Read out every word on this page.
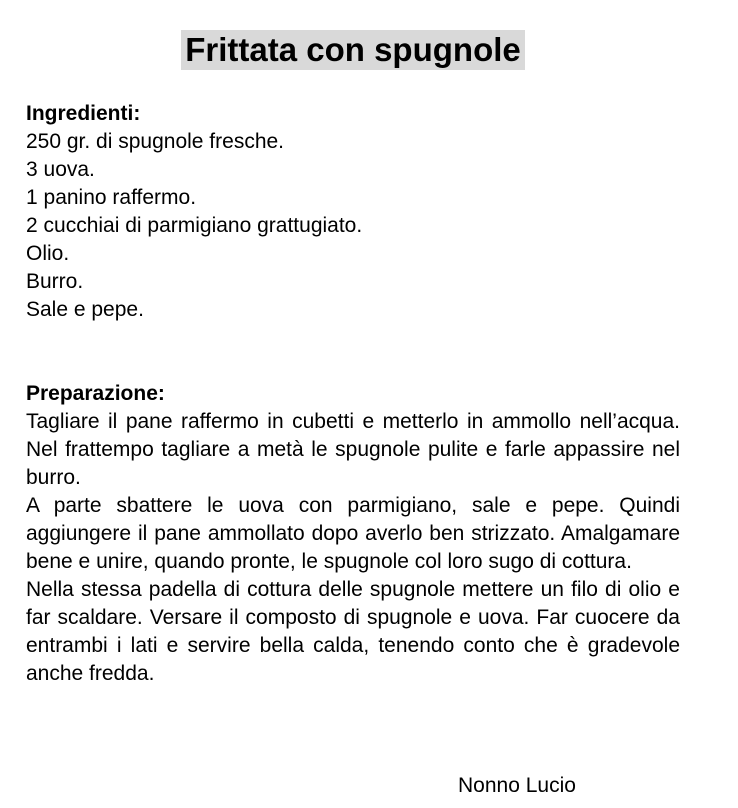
Frittata con spugnole

Ingredienti:

250 gr. di spugnole fresche.

3 uova.

1 panino raffermo.

2 cucchiai di parmigiano grattugiato.

Olio.

Burro.

Sale e pepe.

Preparazione:

Tagliare il pane raffermo in cubetti e metterlo in ammollo nell’acqua. Nel frattempo tagliare a metà le spugnole pulite e farle appassire nel burro.

A parte sbattere le uova con parmigiano, sale e pepe. Quindi aggiungere il pane ammollato dopo averlo ben strizzato. Amalgamare bene e unire, quando pronte, le spugnole col loro sugo di cottura.

Nella stessa padella di cottura delle spugnole mettere un filo di olio e far scaldare. Versare il composto di spugnole e uova. Far cuocere da entrambi i lati e servire bella calda, tenendo conto che è gradevole anche fredda.

Nonno Lucio
